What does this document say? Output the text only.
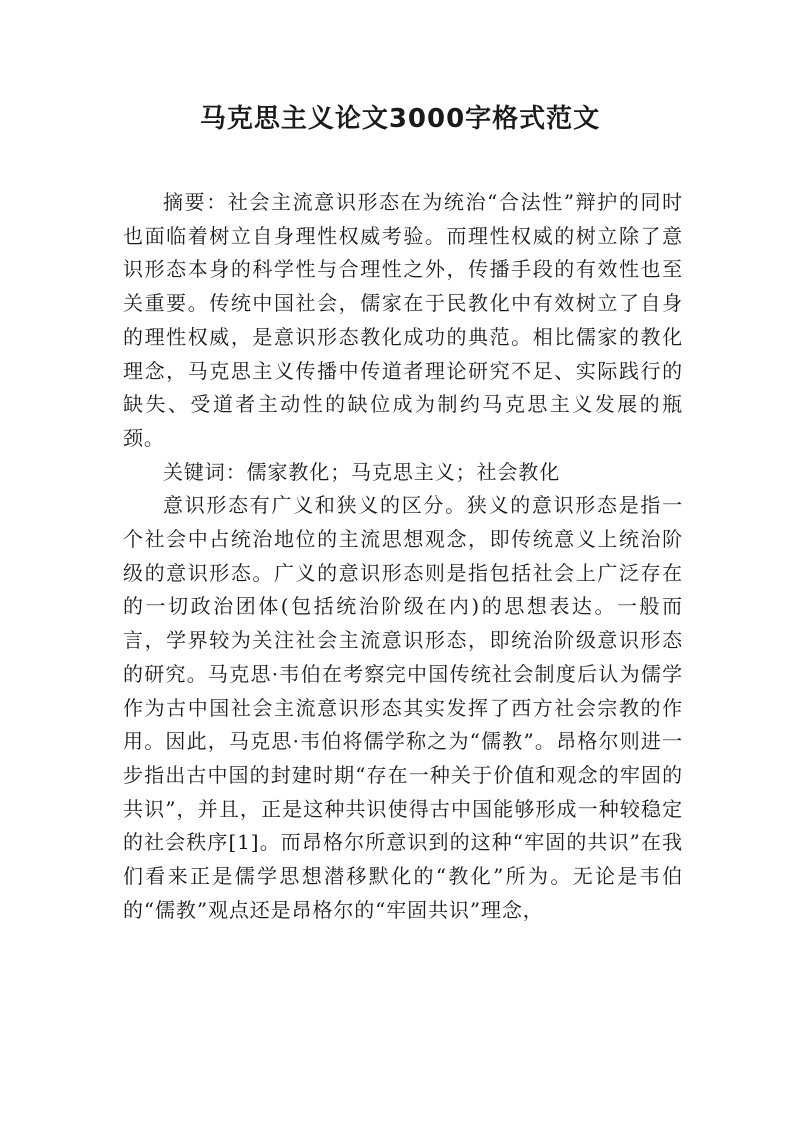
马克思主义论文3000字格式范文

摘要：社会主流意识形态在为统治“合法性”辩护的同时也面临着树立自身理性权威考验。而理性权威的树立除了意识形态本身的科学性与合理性之外，传播手段的有效性也至关重要。传统中国社会，儒家在于民教化中有效树立了自身的理性权威，是意识形态教化成功的典范。相比儒家的教化理念，马克思主义传播中传道者理论研究不足、实际践行的缺失、受道者主动性的缺位成为制约马克思主义发展的瓶颈。

关键词：儒家教化；马克思主义；社会教化

意识形态有广义和狭义的区分。狭义的意识形态是指一个社会中占统治地位的主流思想观念，即传统意义上统治阶级的意识形态。广义的意识形态则是指包括社会上广泛存在的一切政治团体(包括统治阶级在内)的思想表达。一般而言，学界较为关注社会主流意识形态，即统治阶级意识形态的研究。马克思·韦伯在考察完中国传统社会制度后认为儒学作为古中国社会主流意识形态其实发挥了西方社会宗教的作用。因此，马克思·韦伯将儒学称之为“儒教”。昂格尔则进一步指出古中国的封建时期“存在一种关于价值和观念的牢固的共识”，并且，正是这种共识使得古中国能够形成一种较稳定的社会秩序[1]。而昂格尔所意识到的这种“牢固的共识”在我们看来正是儒学思想潜移默化的“教化”所为。无论是韦伯的“儒教”观点还是昂格尔的“牢固共识”理念，
